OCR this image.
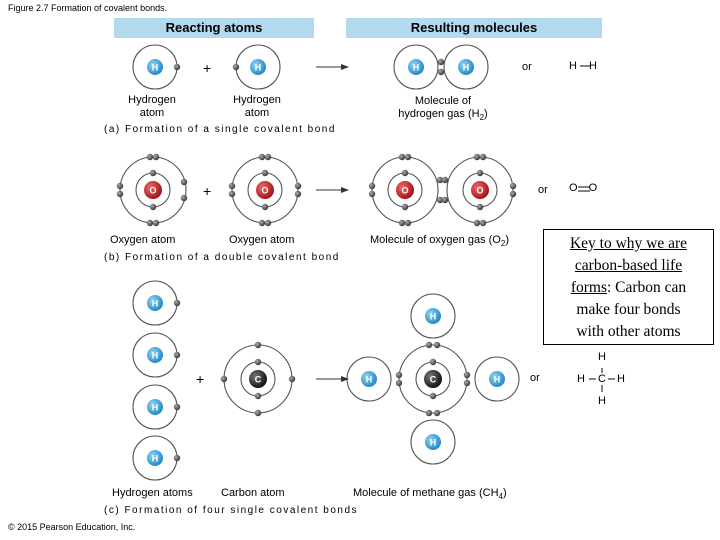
Figure 2.7 Formation of covalent bonds.
Reacting atoms	Resulting molecules
H	H	H	H
O	O	O	O
H
H
H
H
C	C
H
H
H	H
+
+
+
Hydrogen
atom
Hydrogen
atom
Molecule of
hydrogen gas $(H_2)$
(a) Formation of a single covalent bond
or	H H
Oxygen atom	Oxygen atom	Molecule of oxygen gas $(O_2)$
(b) Formation of a double covalent bond
or O O
Hydrogen atoms	Carbon atom	Molecule of methane gas $(CH_4)$
(c) Formation of four single covalent bonds
or
H
H C H
H
Key to why we are
carbon-based life
forms: Carbon can
make four bonds
with other atoms
© 2015 Pearson Education, Inc.
